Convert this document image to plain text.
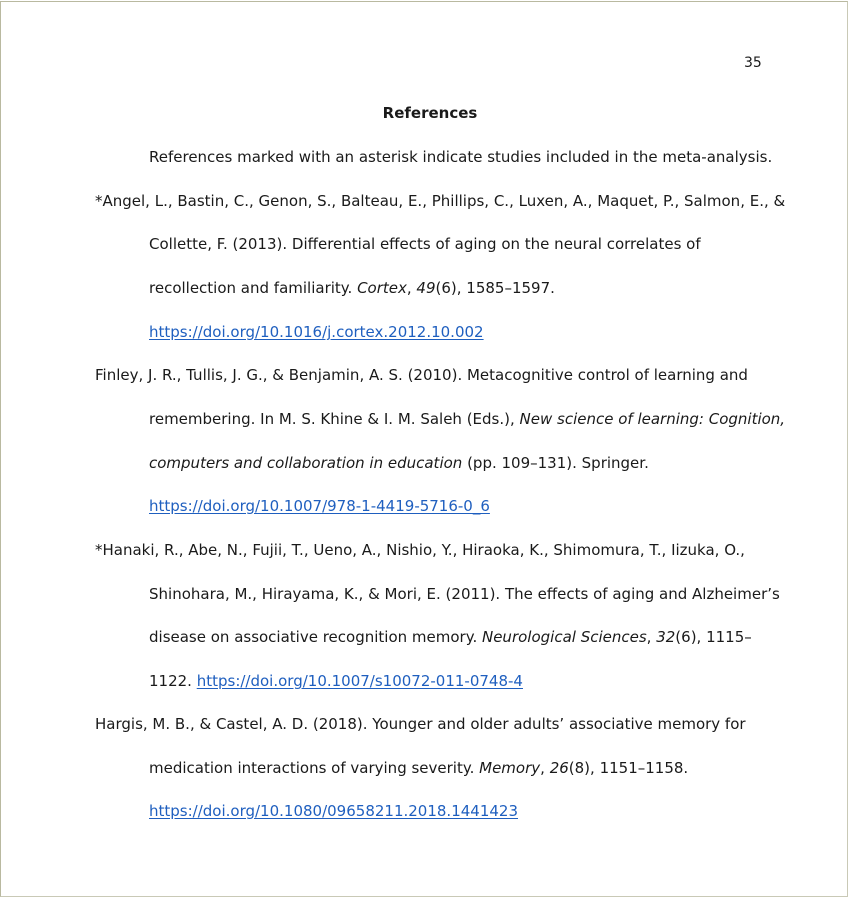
35
References
References marked with an asterisk indicate studies included in the meta-analysis.
*Angel, L., Bastin, C., Genon, S., Balteau, E., Phillips, C., Luxen, A., Maquet, P., Salmon, E., &
Collette, F. (2013). Differential effects of aging on the neural correlates of
recollection and familiarity. Cortex, 49(6), 1585–1597.
https://doi.org/10.1016/j.cortex.2012.10.002
Finley, J. R., Tullis, J. G., & Benjamin, A. S. (2010). Metacognitive control of learning and
remembering. In M. S. Khine & I. M. Saleh (Eds.), New science of learning: Cognition,
computers and collaboration in education (pp. 109–131). Springer.
https://doi.org/10.1007/978-1-4419-5716-0_6
*Hanaki, R., Abe, N., Fujii, T., Ueno, A., Nishio, Y., Hiraoka, K., Shimomura, T., Iizuka, O.,
Shinohara, M., Hirayama, K., & Mori, E. (2011). The effects of aging and Alzheimer’s
disease on associative recognition memory. Neurological Sciences, 32(6), 1115–
1122. https://doi.org/10.1007/s10072-011-0748-4
Hargis, M. B., & Castel, A. D. (2018). Younger and older adults’ associative memory for
medication interactions of varying severity. Memory, 26(8), 1151–1158.
https://doi.org/10.1080/09658211.2018.1441423
